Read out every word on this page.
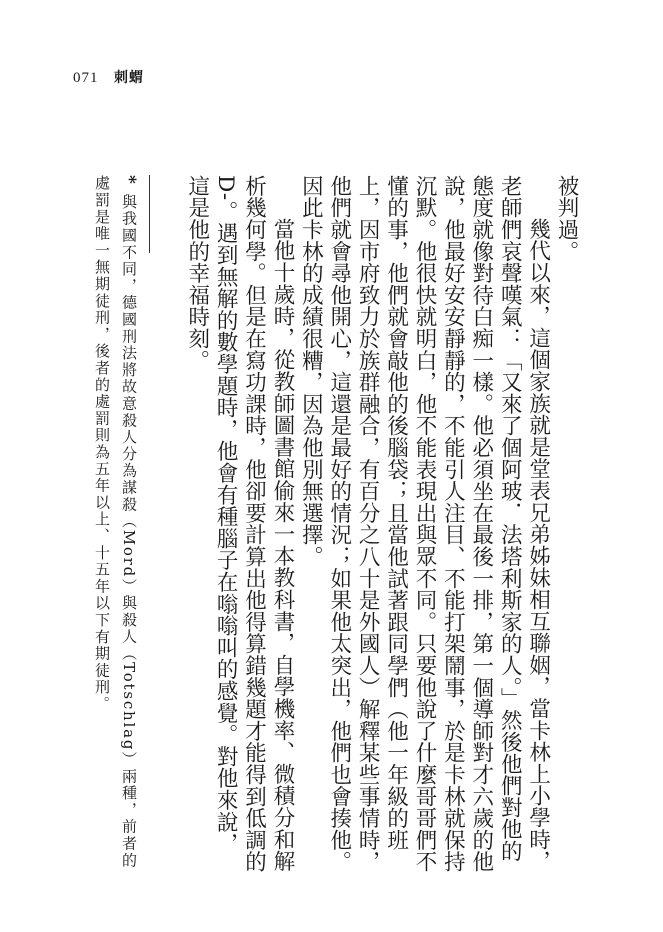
071 刺蝟

被判過。

幾代以來，這個家族就是堂表兄弟姊妹相互聯姻，當卡林上小學時，老師們哀聲嘆氣：「又來了個阿玻．法塔利斯家的人。」然後他們對他的態度就像對待白痴一樣。他必須坐在最後一排，第一個導師對才六歲的他說，他最好安安靜靜的，不能引人注目、不能打架鬧事，於是卡林就保持沉默。他很快就明白，他不能表現出與眾不同。只要他說了什麼哥哥們不懂的事，他們就會敲他的後腦袋；且當他試著跟同學們（他一年級的班上，因市府致力於族群融合，有百分之八十是外國人）解釋某些事情時，他們就會尋他開心，這還是最好的情況；如果他太突出，他們也會揍他。因此卡林的成績很糟，因為他別無選擇。

當他十歲時，從教師圖書館偷來一本教科書，自學機率、微積分和解析幾何學。但是在寫功課時，他卻要計算出他得算錯幾題才能得到低調的D-。遇到無解的數學題時，他會有種腦子在嗡嗡叫的感覺。對他來說，這是他的幸福時刻。

*與我國不同，德國刑法將故意殺人分為謀殺（Mord）與殺人（Totschlag）兩種，前者的處罰是唯一無期徒刑，後者的處罰則為五年以上、十五年以下有期徒刑。
